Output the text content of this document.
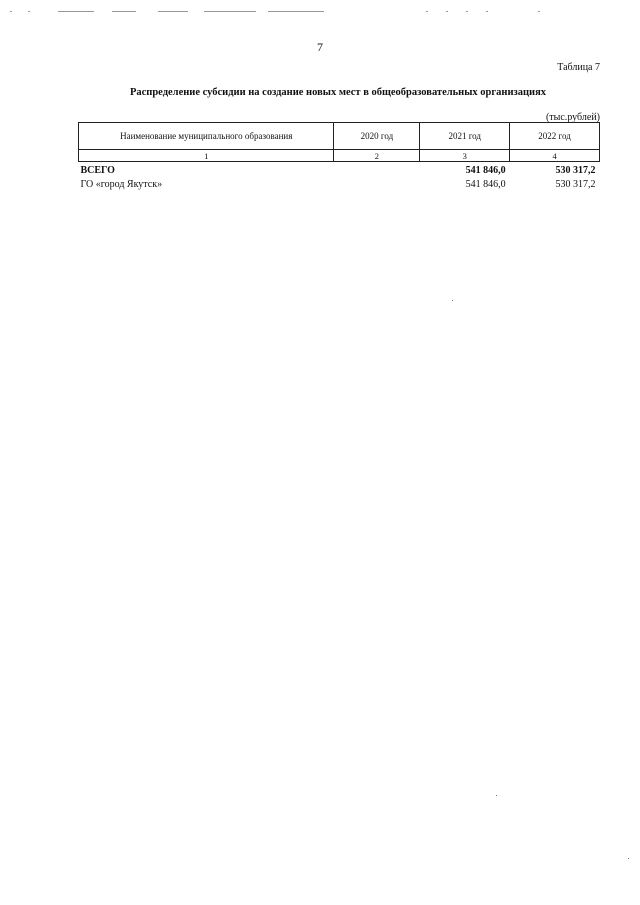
7
Таблица 7
Распределение субсидии на создание новых мест в общеобразовательных организациях
(тыс.рублей)
Наименование муниципального образования	2020 год	2021 год	2022 год
1	2	3	4
ВСЕГО		541 846,0	530 317,2
ГО «город Якутск»		541 846,0	530 317,2
